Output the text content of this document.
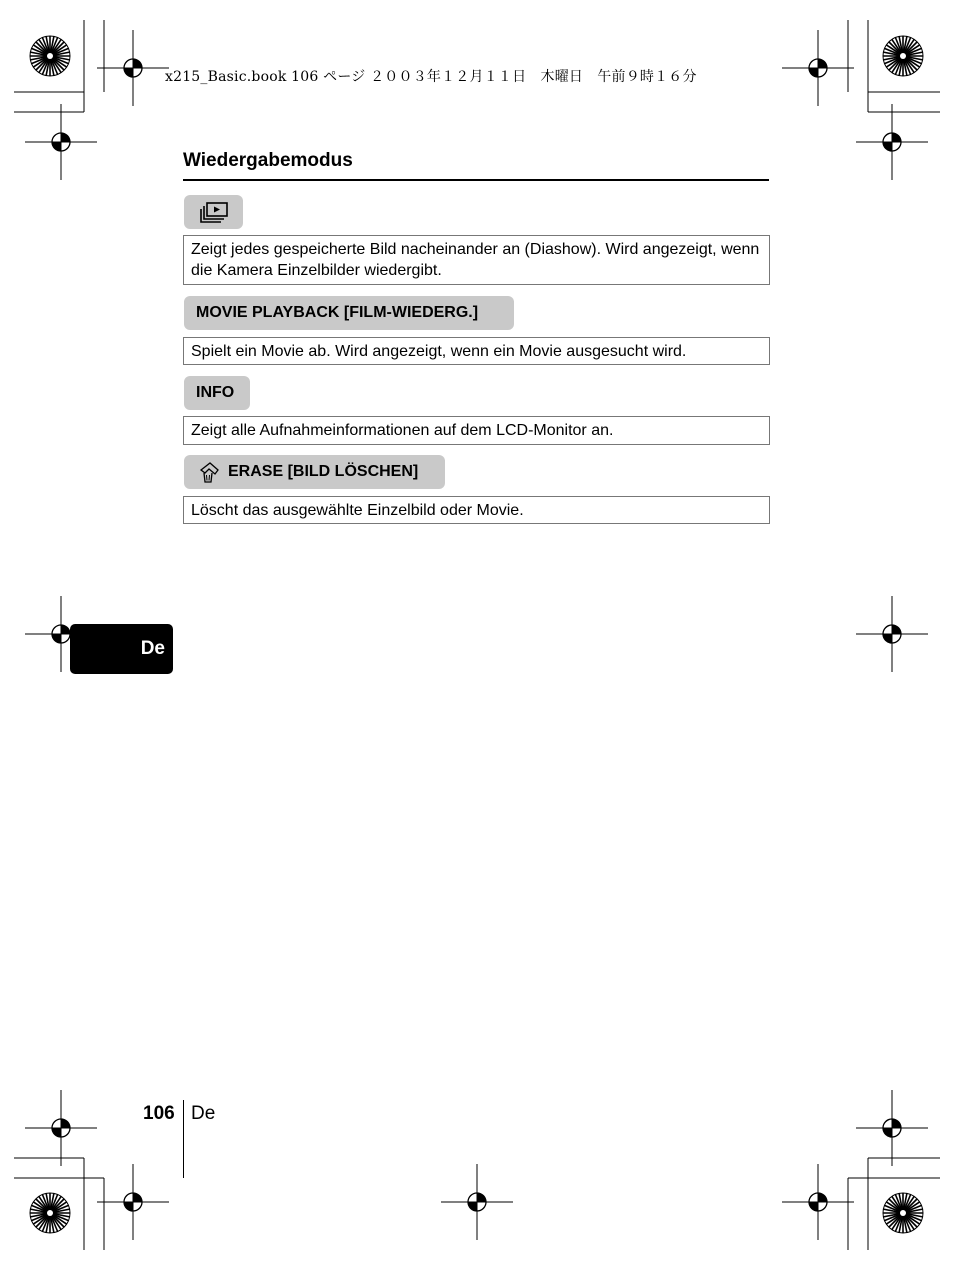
x215_Basic.book 106 ページ ２００３年１２月１１日　木曜日　午前９時１６分
Wiedergabemodus
Zeigt jedes gespeicherte Bild nacheinander an (Diashow). Wird angezeigt, wenn die Kamera Einzelbilder wiedergibt.
MOVIE PLAYBACK [FILM-WIEDERG.]
Spielt ein Movie ab. Wird angezeigt, wenn ein Movie ausgesucht wird.
INFO
Zeigt alle Aufnahmeinformationen auf dem LCD-Monitor an.
ERASE [BILD LÖSCHEN]
Löscht das ausgewählte Einzelbild oder Movie.
De
106 De
